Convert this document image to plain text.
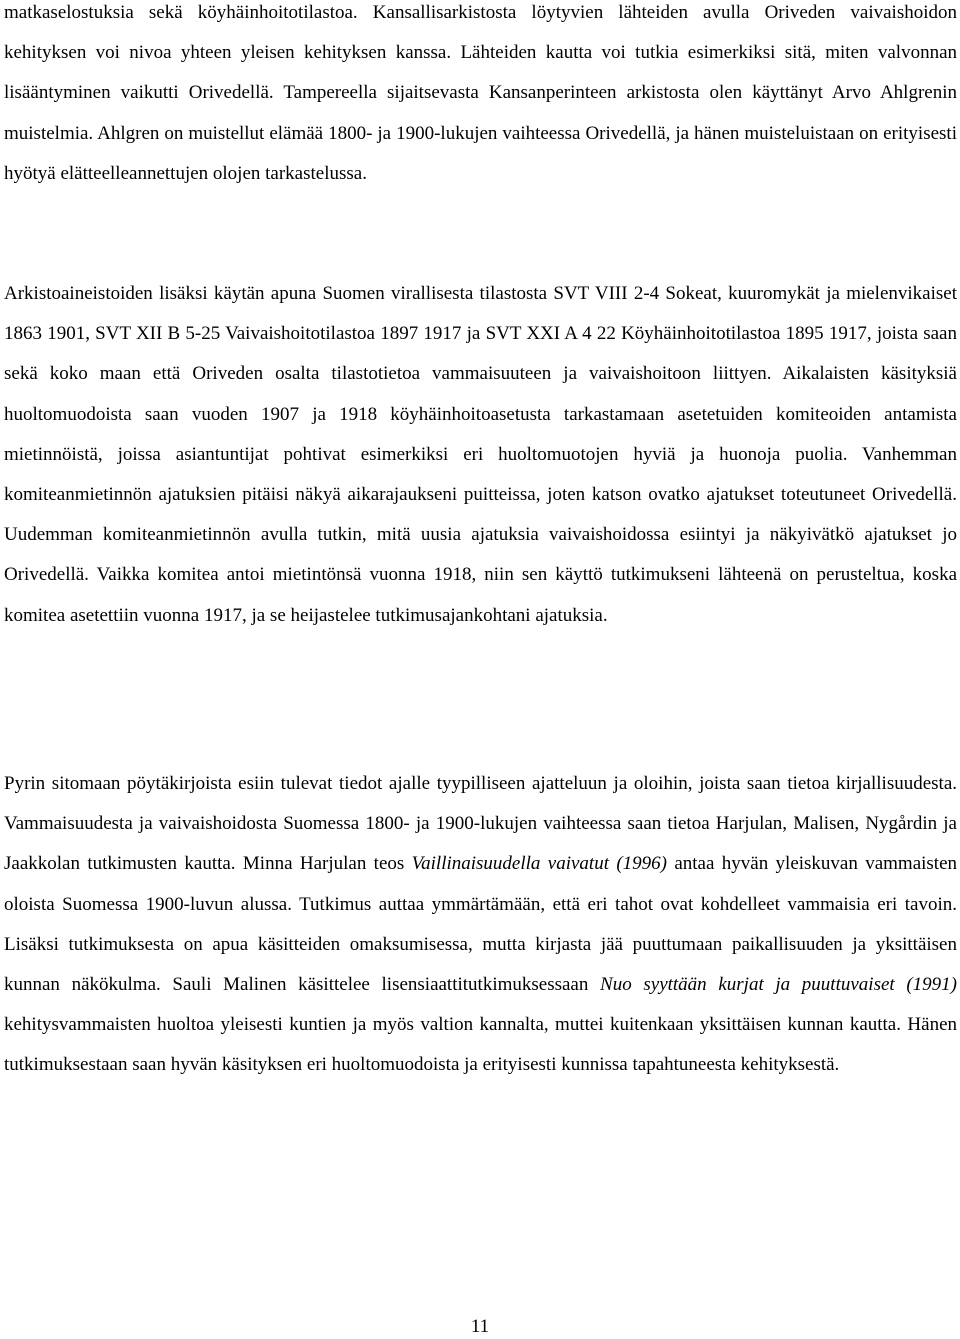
matkaselostuksia sekä köyhäinhoitotilastoa. Kansallisarkistosta löytyvien lähteiden avulla Oriveden vaivaishoidon kehityksen voi nivoa yhteen yleisen kehityksen kanssa. Lähteiden kautta voi tutkia esimerkiksi sitä, miten valvonnan lisääntyminen vaikutti Orivedellä. Tampereella sijaitsevasta Kansanperinteen arkistosta olen käyttänyt Arvo Ahlgrenin muistelmia. Ahlgren on muistellut elämää 1800- ja 1900-lukujen vaihteessa Orivedellä, ja hänen muisteluistaan on erityisesti hyötyä elätteelleannettujen olojen tarkastelussa.

Arkistoaineistoiden lisäksi käytän apuna Suomen virallisesta tilastosta SVT VIII 2-4 Sokeat, kuuromykät ja mielenvikaiset 1863 1901, SVT XII B 5-25 Vaivaishoitotilastoa 1897 1917 ja SVT XXI A 4 22 Köyhäinhoitotilastoa 1895 1917, joista saan sekä koko maan että Oriveden osalta tilastotietoa vammaisuuteen ja vaivaishoitoon liittyen. Aikalaisten käsityksiä huoltomuodoista saan vuoden 1907 ja 1918 köyhäinhoitoasetusta tarkastamaan asetetuiden komiteoiden antamista mietinnöistä, joissa asiantuntijat pohtivat esimerkiksi eri huoltomuotojen hyviä ja huonoja puolia. Vanhemman komiteanmietinnön ajatuksien pitäisi näkyä aikarajaukseni puitteissa, joten katson ovatko ajatukset toteutuneet Orivedellä. Uudemman komiteanmietinnön avulla tutkin, mitä uusia ajatuksia vaivaishoidossa esiintyi ja näkyivätkö ajatukset jo Orivedellä. Vaikka komitea antoi mietintönsä vuonna 1918, niin sen käyttö tutkimukseni lähteenä on perusteltua, koska komitea asetettiin vuonna 1917, ja se heijastelee tutkimusajankohtani ajatuksia.

Pyrin sitomaan pöytäkirjoista esiin tulevat tiedot ajalle tyypilliseen ajatteluun ja oloihin, joista saan tietoa kirjallisuudesta. Vammaisuudesta ja vaivaishoidosta Suomessa 1800- ja 1900-lukujen vaihteessa saan tietoa Harjulan, Malisen, Nygårdin ja Jaakkolan tutkimusten kautta. Minna Harjulan teos Vaillinaisuudella vaivatut (1996) antaa hyvän yleiskuvan vammaisten oloista Suomessa 1900-luvun alussa. Tutkimus auttaa ymmärtämään, että eri tahot ovat kohdelleet vammaisia eri tavoin. Lisäksi tutkimuksesta on apua käsitteiden omaksumisessa, mutta kirjasta jää puuttumaan paikallisuuden ja yksittäisen kunnan näkökulma. Sauli Malinen käsittelee lisensiaattitutkimuksessaan Nuo syyttään kurjat ja puuttuvaiset (1991) kehitysvammaisten huoltoa yleisesti kuntien ja myös valtion kannalta, muttei kuitenkaan yksittäisen kunnan kautta. Hänen tutkimuksestaan saan hyvän käsityksen eri huoltomuodoista ja erityisesti kunnissa tapahtuneesta kehityksestä.

11
